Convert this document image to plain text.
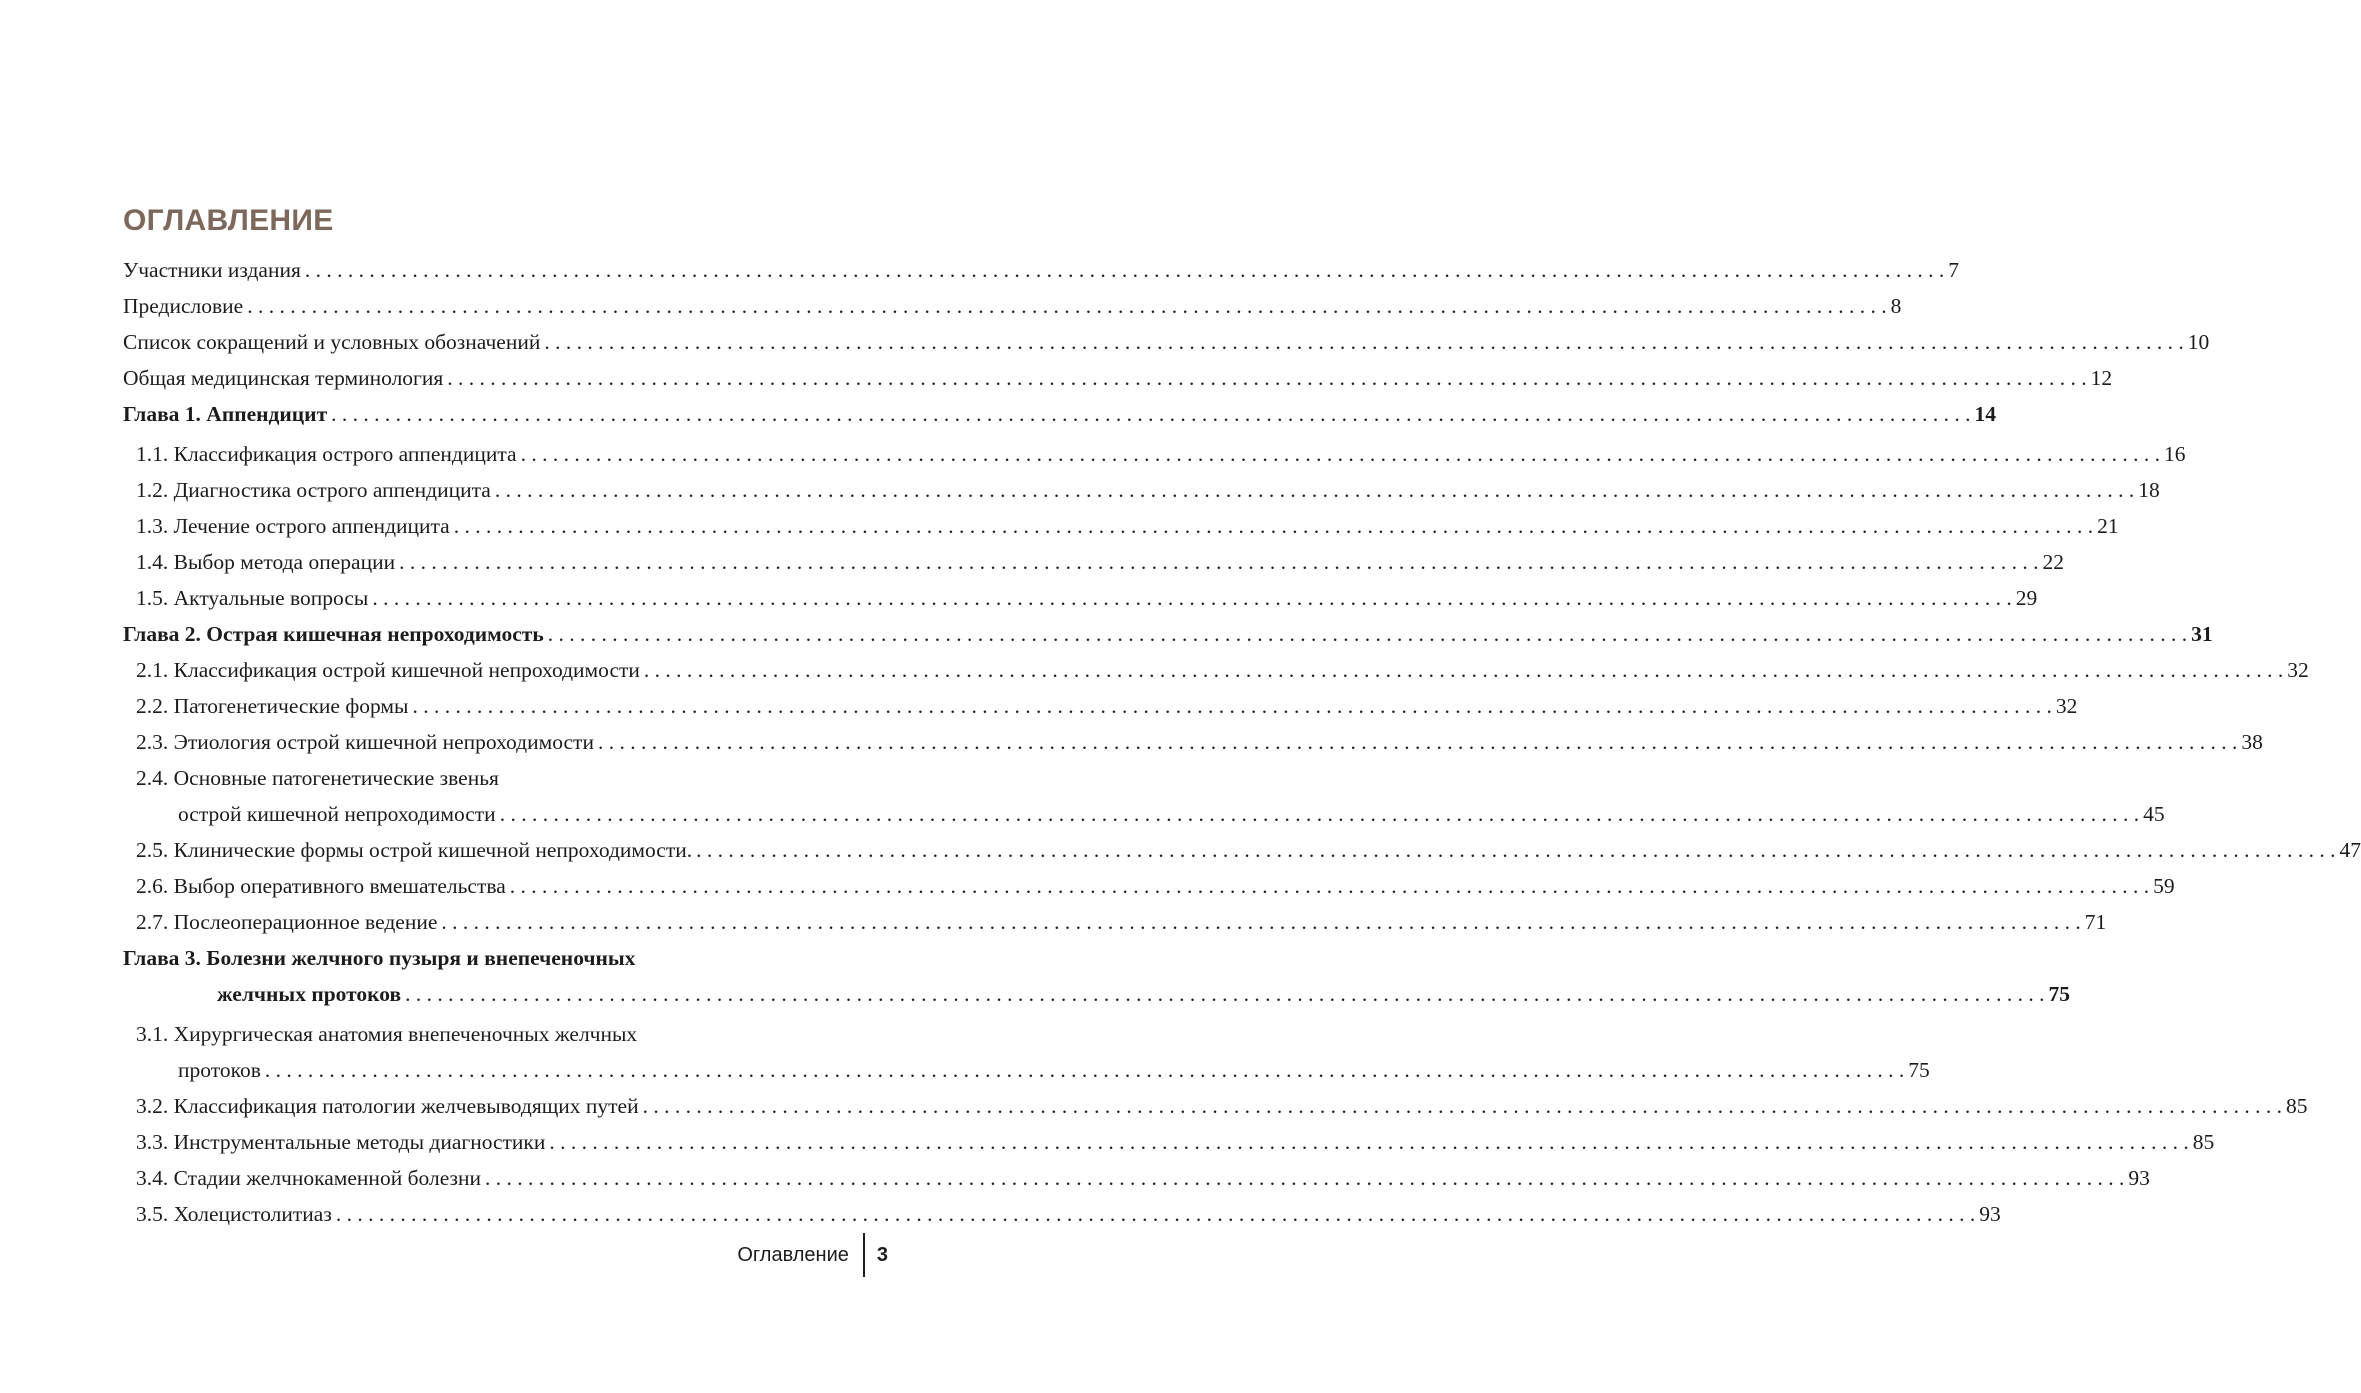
ОГЛАВЛЕНИЕ
Участники издания . . .	7
Предисловие . . .	8
Список сокращений и условных обозначений . . .	10
Общая медицинская терминология . . .	12
Глава 1. Аппендицит . . .	14
1.1. Классификация острого аппендицита . . .	16
1.2. Диагностика острого аппендицита . . .	18
1.3. Лечение острого аппендицита . . .	21
1.4. Выбор метода операции . . .	22
1.5. Актуальные вопросы . . .	29
Глава 2. Острая кишечная непроходимость . . .	31
2.1. Классификация острой кишечной непроходимости . . .	32
2.2. Патогенетические формы . . .	32
2.3. Этиология острой кишечной непроходимости . . .	38
2.4. Основные патогенетические звенья
острой кишечной непроходимости . . .	45
2.5. Клинические формы острой кишечной непроходимости. . . .	47
2.6. Выбор оперативного вмешательства . . .	59
2.7. Послеоперационное ведение . . .	71
Глава 3. Болезни желчного пузыря и внепеченочных
желчных протоков . . .	75
3.1. Хирургическая анатомия внепеченочных желчных
протоков . . .	75
3.2. Классификация патологии желчевыводящих путей . . .	85
3.3. Инструментальные методы диагностики . . .	85
3.4. Стадии желчнокаменной болезни . . .	93
3.5. Холецистолитиаз . . .	93
Оглавление 3
